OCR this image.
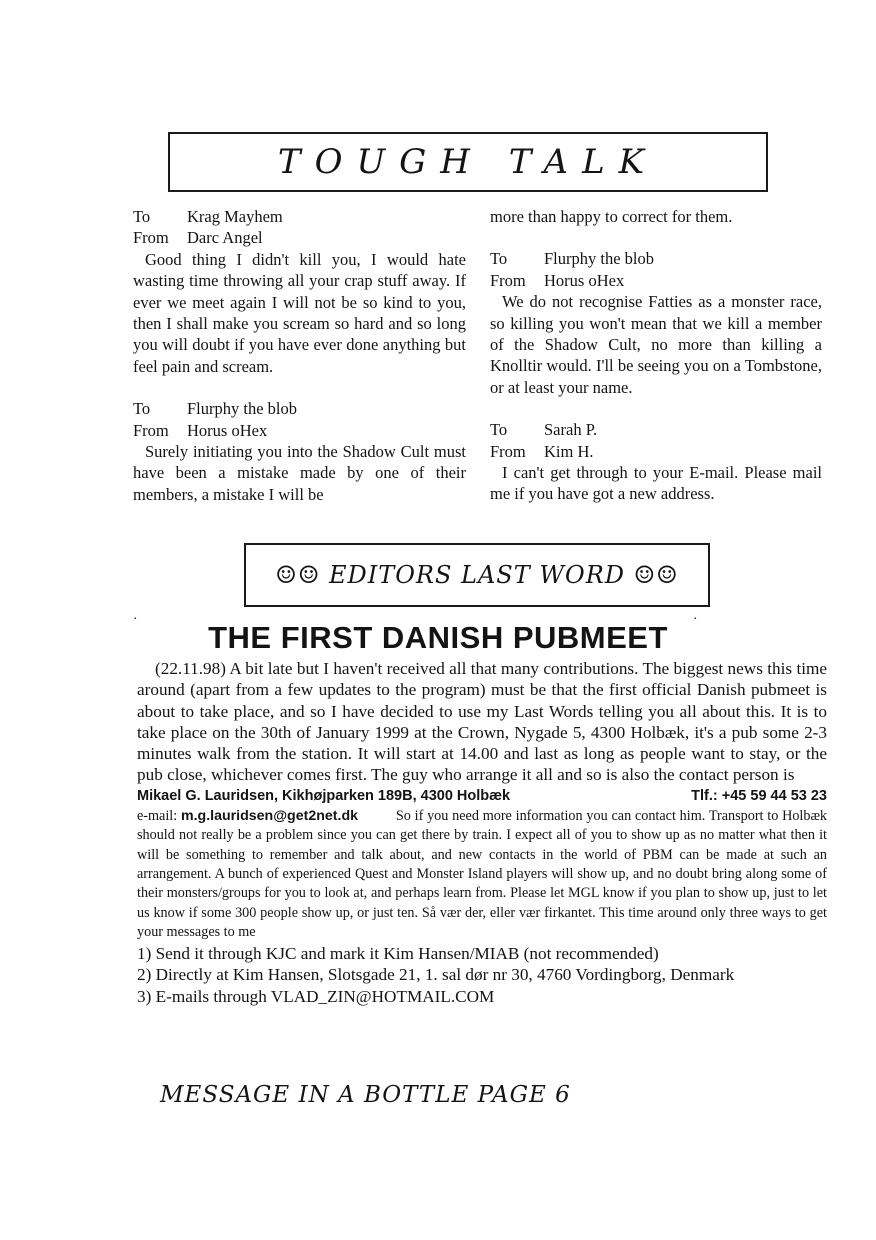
TOUGH TALK
To	Krag Mayhem
From	Darc Angel
Good thing I didn't kill you, I would hate wasting time throwing all your crap stuff away. If ever we meet again I will not be so kind to you, then I shall make you scream so hard and so long you will doubt if you have ever done anything but feel pain and scream.
To	Flurphy the blob
From	Horus oHex
Surely initiating you into the Shadow Cult must have been a mistake made by one of their members, a mistake I will be
more than happy to correct for them.
To	Flurphy the blob
From	Horus oHex
We do not recognise Fatties as a monster race, so killing you won't mean that we kill a member of the Shadow Cult, no more than killing a Knolltir would. I'll be seeing you on a Tombstone, or at least your name.
To	Sarah P.
From	Kim H.
I can't get through to your E-mail. Please mail me if you have got a new address.
☺☺ EDITORS LAST WORD ☺☺
·	·
THE FIRST DANISH PUBMEET
(22.11.98) A bit late but I haven't received all that many contributions. The biggest news this time around (apart from a few updates to the program) must be that the first official Danish pubmeet is about to take place, and so I have decided to use my Last Words telling you all about this. It is to take place on the 30th of January 1999 at the Crown, Nygade 5, 4300 Holbæk, it's a pub some 2-3 minutes walk from the station. It will start at 14.00 and last as long as people want to stay, or the pub close, whichever comes first. The guy who arrange it all and so is also the contact person is
Mikael G. Lauridsen, Kikhøjparken 189B, 4300 Holbæk	Tlf.: +45 59 44 53 23
e-mail: m.g.lauridsen@get2net.dk	So if you need more information you can contact him. Transport to Holbæk should not really be a problem since you can get there by train. I expect all of you to show up as no matter what then it will be something to remember and talk about, and new contacts in the world of PBM can be made at such an arrangement. A bunch of experienced Quest and Monster Island players will show up, and no doubt bring along some of their monsters/groups for you to look at, and perhaps learn from. Please let MGL know if you plan to show up, just to let us know if some 300 people show up, or just ten. Så vær der, eller vær firkantet. This time around only three ways to get your messages to me
1) Send it through KJC and mark it Kim Hansen/MIAB (not recommended)
2) Directly at Kim Hansen, Slotsgade 21, 1. sal dør nr 30, 4760 Vordingborg, Denmark
3) E-mails through VLAD_ZIN@HOTMAIL.COM
MESSAGE IN A BOTTLE PAGE 6
